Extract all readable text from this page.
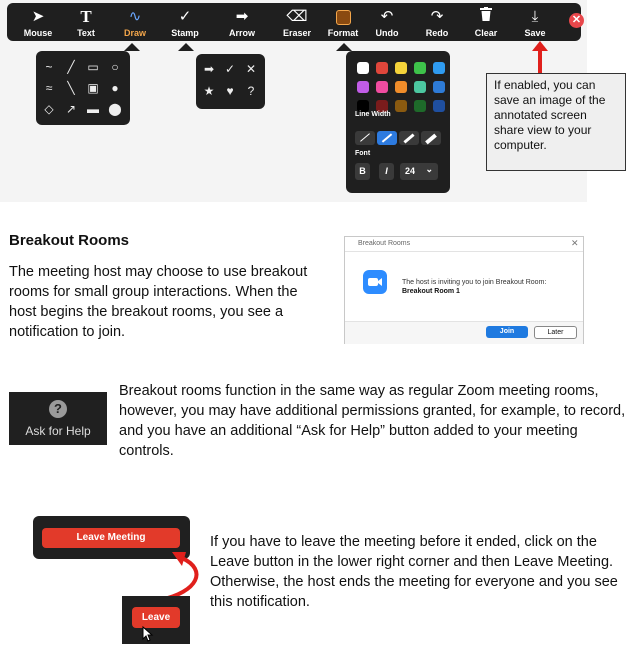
➤
Mouse
T
Text
∿
Draw
✓
Stamp
➡
Arrow
⌫
Eraser	Format
↶
Undo
↷
Redo	Clear
⤓
Save
✕
~	╱	▭	○
≈	╲	▣	●
◇	↗ ▬ ⬤
➡ ✓ ✕
★	♥	?
Line Width
Font
B	I	24 ⌄
If enabled, you can save an image of the annotated screen share view to your computer.
Breakout Rooms
The meeting host may choose to use breakout rooms for small group interactions. When the host begins the breakout rooms, you see a notification to join.
Breakout Rooms	✕
The host is inviting you to join Breakout Room:
Breakout Room 1
Join	Later
?
Ask for Help
Breakout rooms function in the same way as regular Zoom meeting rooms, however, you may have additional permissions granted, for example, to record, and you have an additional “Ask for Help” button added to your meeting controls.
Leave Meeting
Leave
If you have to leave the meeting before it ended, click on the Leave button in the lower right corner and then Leave Meeting. Otherwise, the host ends the meeting for everyone and you see this notification.
